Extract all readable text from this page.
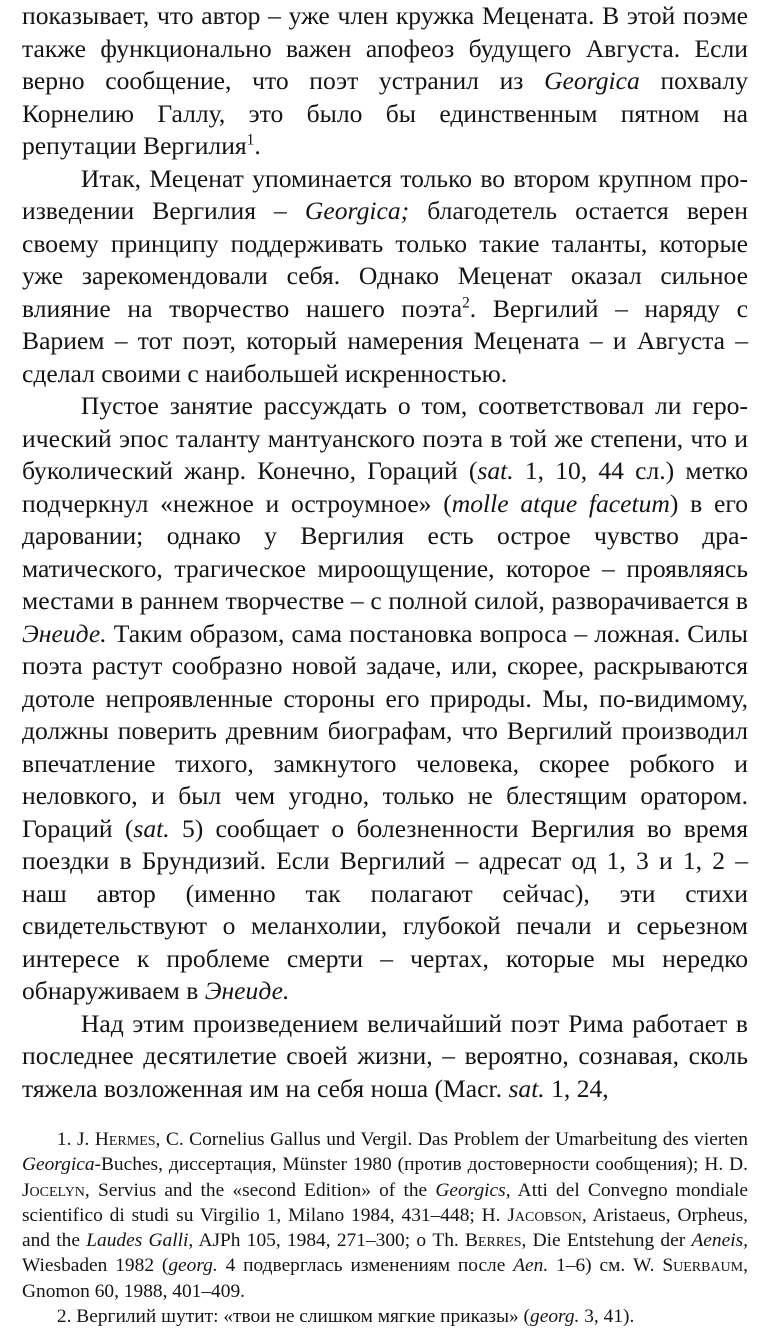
показывает, что автор – уже член кружка Мецената. В этой поэме также функционально важен апофеоз будущего Августа. Если верно сообщение, что поэт устранил из Georgica похвалу Корнелию Галлу, это было бы единственным пятном на репутации Вергилия$^1$.

Итак, Меценат упоминается только во втором крупном произведении Вергилия – Georgica; благодетель остается верен своему принципу поддерживать только такие таланты, которые уже зарекомендовали себя. Однако Меценат оказал сильное влияние на творчество нашего поэта$^2$. Вергилий – наряду с Варием – тот поэт, который намерения Мецената – и Августа – сделал своими с наибольшей искренностью.

Пустое занятие рассуждать о том, соответствовал ли героический эпос таланту мантуанского поэта в той же степени, что и буколический жанр. Конечно, Гораций (sat. 1, 10, 44 сл.) метко подчеркнул «нежное и остроумное» (molle atque facetum) в его даровании; однако у Вергилия есть острое чувство драматического, трагическое мироощущение, которое – проявляясь местами в раннем творчестве – с полной силой, разворачивается в Энеиде. Таким образом, сама постановка вопроса – ложная. Силы поэта растут сообразно новой задаче, или, скорее, раскрываются дотоле непроявленные стороны его природы. Мы, по-видимому, должны поверить древним биографам, что Вергилий производил впечатление тихого, замкнутого человека, скорее робкого и неловкого, и был чем угодно, только не блестящим оратором. Гораций (sat. 5) сообщает о болезненности Вергилия во время поездки в Брундизий. Если Вергилий – адресат од 1, 3 и 1, 2 – наш автор (именно так полагают сейчас), эти стихи свидетельствуют о меланхолии, глубокой печали и серьезном интересе к проблеме смерти – чертах, которые мы нередко обнаруживаем в Энеиде.

Над этим произведением величайший поэт Рима работает в последнее десятилетие своей жизни, – вероятно, сознавая, сколь тяжела возложенная им на себя ноша (Macr. sat. 1, 24,

1. J. Hermes, C. Cornelius Gallus und Vergil. Das Problem der Umarbeitung des vierten Georgica-Buches, диссертация, Münster 1980 (против достоверности сообщения); H. D. Jocelyn, Servius and the «second Edition» of the Georgics, Atti del Convegno mondiale scientifico di studi su Virgilio 1, Milano 1984, 431–448; H. Jacobson, Aristaeus, Orpheus, and the Laudes Galli, AJPh 105, 1984, 271–300; о Th. Berres, Die Entstehung der Aeneis, Wiesbaden 1982 (georg. 4 подверглась изменениям после Aen. 1–6) см. W. Suerbaum, Gnomon 60, 1988, 401–409.

2. Вергилий шутит: «твои не слишком мягкие приказы» (georg. 3, 41).
